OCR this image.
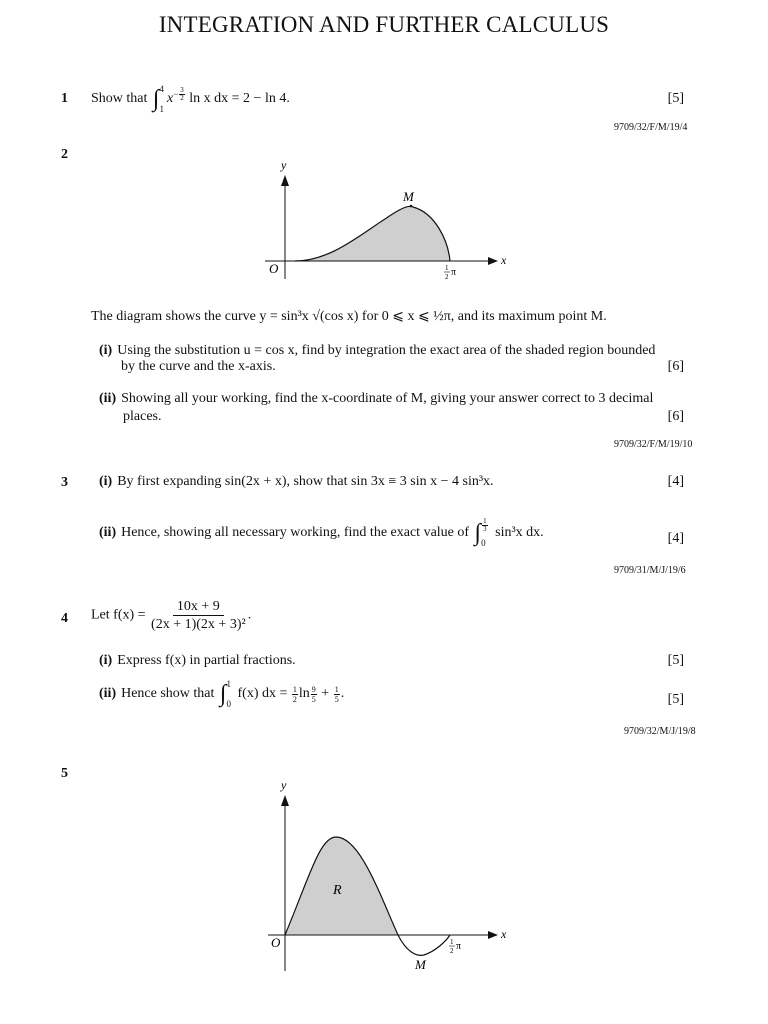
INTEGRATION AND FURTHER CALCULUS
1 Show that ∫ 4
1
$x^{- \frac{3}{2}}$ ln x dx = 2 − ln 4.	[5]
9709/32/F/M/19/4
2
y
x
O
M
1
2 π
The diagram shows the curve y = sin³x √(cos x) for 0 ⩽ x ⩽ ½π, and its maximum point M.
(i) Using the substitution u = cos x, find by integration the exact area of the shaded region bounded
by the curve and the x-axis.	[6]
(ii) Showing all your working, find the x-coordinate of M, giving your answer correct to 3 decimal
places.	[6]
9709/32/F/M/19/10
3 (i) By first expanding sin(2x + x), show that sin 3x ≡ 3 sin x − 4 sin³x.	[4]
(ii) Hence, showing all necessary working, find the exact value of ∫ $\frac{1}{3}$
0
sin³x dx.	[4]
9709/31/M/J/19/6
4 Let $f(x) = \frac{10x + 9}{\text{(2x + 1)(2x + 3)²}}$ .
(i) Express f(x) in partial fractions.	[5]
(ii) Hence show that ∫ 1
0
f(x) dx = $\frac{1}{2}$ $\ln \frac{9}{5} + \frac{1}{5}$ .	[5]
9709/32/M/J/19/8
5
y
x
O
R
M
1
2 π
